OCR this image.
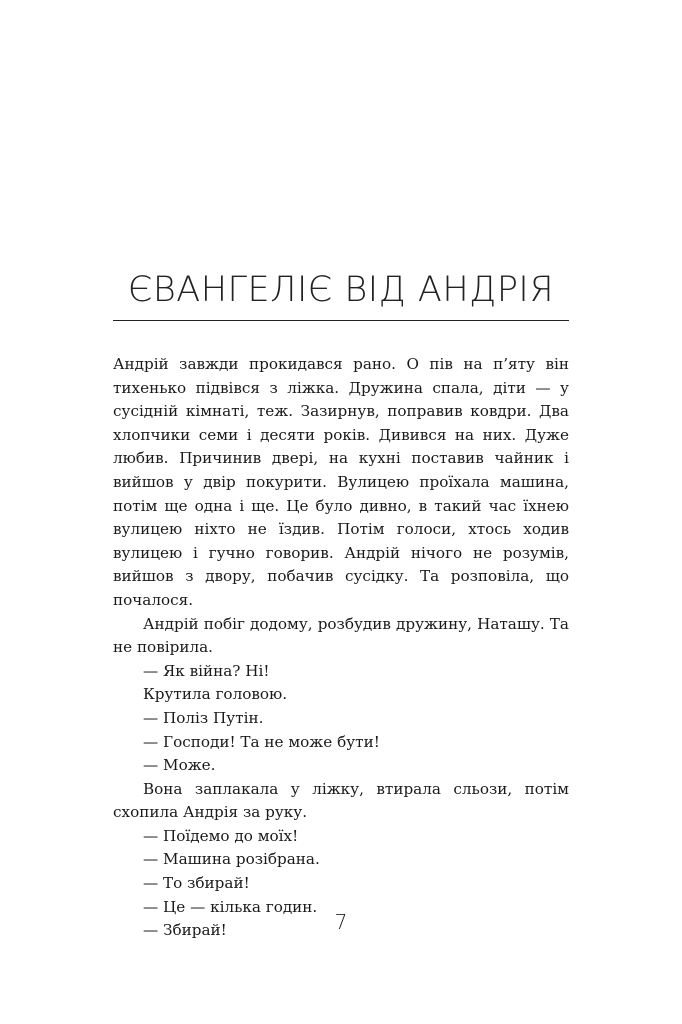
ЄВАНГЕЛІЄ ВІД АНДРІЯ

Андрій завжди прокидався рано. О пів на п’яту він тихенько підвівся з ліжка. Дружина спала, діти — у сусідній кімнаті, теж. Зазирнув, поправив ковдри. Два хлопчики семи і десяти років. Дивився на них. Дуже любив. Причинив двері, на кухні поставив чайник і вийшов у двір покурити. Вулицею проїхала машина, потім ще одна і ще. Це було дивно, в такий час їхнею вулицею ніхто не їздив. Потім голоси, хтось ходив вулицею і гучно говорив. Андрій нічого не розумів, вийшов з двору, побачив сусідку. Та розповіла, що почалося.

Андрій побіг додому, розбудив дружину, Наташу. Та не повірила.

— Як війна? Ні!

Крутила головою.

— Поліз Путін.

— Господи! Та не може бути!

— Може.

Вона заплакала у ліжку, втирала сльози, потім схопила Андрія за руку.

— Поїдемо до моїх!

— Машина розібрана.

— То збирай!

— Це — кілька годин.

— Збирай!	7
